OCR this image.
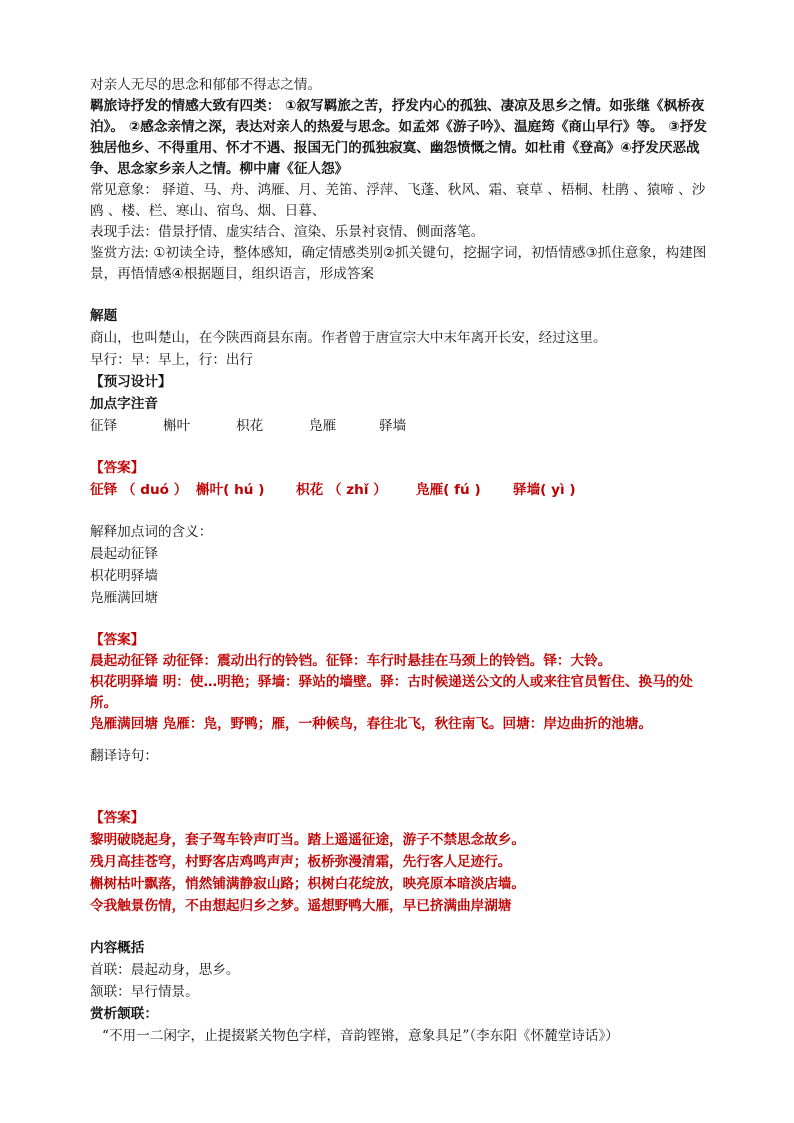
对亲人无尽的思念和郁郁不得志之情。
羁旅诗抒发的情感大致有四类： ①叙写羁旅之苦，抒发内心的孤独、凄凉及思乡之情。如张继《枫桥夜泊》。 ②感念亲情之深，表达对亲人的热爱与思念。如孟郊《游子吟》、温庭筠《商山早行》等。 ③抒发独居他乡、不得重用、怀才不遇、报国无门的孤独寂寞、幽怨愤慨之情。如杜甫《登高》④抒发厌恶战争、思念家乡亲人之情。柳中庸《征人怨》
常见意象： 驿道、马、舟、鸿雁、月、羌笛、浮萍、飞蓬、秋风、霜、衰草 、梧桐、杜鹃 、猿啼 、沙鸥 、楼、栏、寒山、宿鸟、烟、日暮、
表现手法：借景抒情、虚实结合、渲染、乐景衬哀情、侧面落笔。
鉴赏方法: ①初读全诗，整体感知，确定情感类别②抓关键句，挖掘字词，初悟情感③抓住意象，构建图景，再悟情感④根据题目，组织语言，形成答案
解题
商山，也叫楚山，在今陕西商县东南。作者曾于唐宣宗大中末年离开长安，经过这里。
早行：早：早上，行：出行
【预习设计】
加点字注音
征铎	槲叶	枳花	凫雁	驿墙
【答案】
征铎 （ duó ） 槲叶( hú )	枳花 （ zhǐ ）	凫雁( fú )	驿墙( yì )
解释加点词的含义：
晨起动征铎
枳花明驿墙
凫雁满回塘
【答案】
晨起动征铎 动征铎：震动出行的铃铛。征铎：车行时悬挂在马颈上的铃铛。铎：大铃。
枳花明驿墙 明：使…明艳；驿墙：驿站的墙壁。驿：古时候递送公文的人或来往官员暂住、换马的处所。
凫雁满回塘 凫雁：凫，野鸭；雁，一种候鸟，春往北飞，秋往南飞。回塘：岸边曲折的池塘。
翻译诗句：
【答案】
黎明破晓起身，套子驾车铃声叮当。踏上遥遥征途，游子不禁思念故乡。
残月高挂苍穹，村野客店鸡鸣声声；板桥弥漫清霜，先行客人足迹行。
槲树枯叶飘落，悄然铺满静寂山路；枳树白花绽放，映亮原本暗淡店墙。
令我触景伤情，不由想起归乡之梦。遥想野鸭大雁，早已挤满曲岸湖塘
内容概括
首联：晨起动身，思乡。
颔联：早行情景。
赏析颔联：
“不用一二闲字，止提掇紧关物色字样，音韵铿锵，意象具足”（李东阳《怀麓堂诗话》）
